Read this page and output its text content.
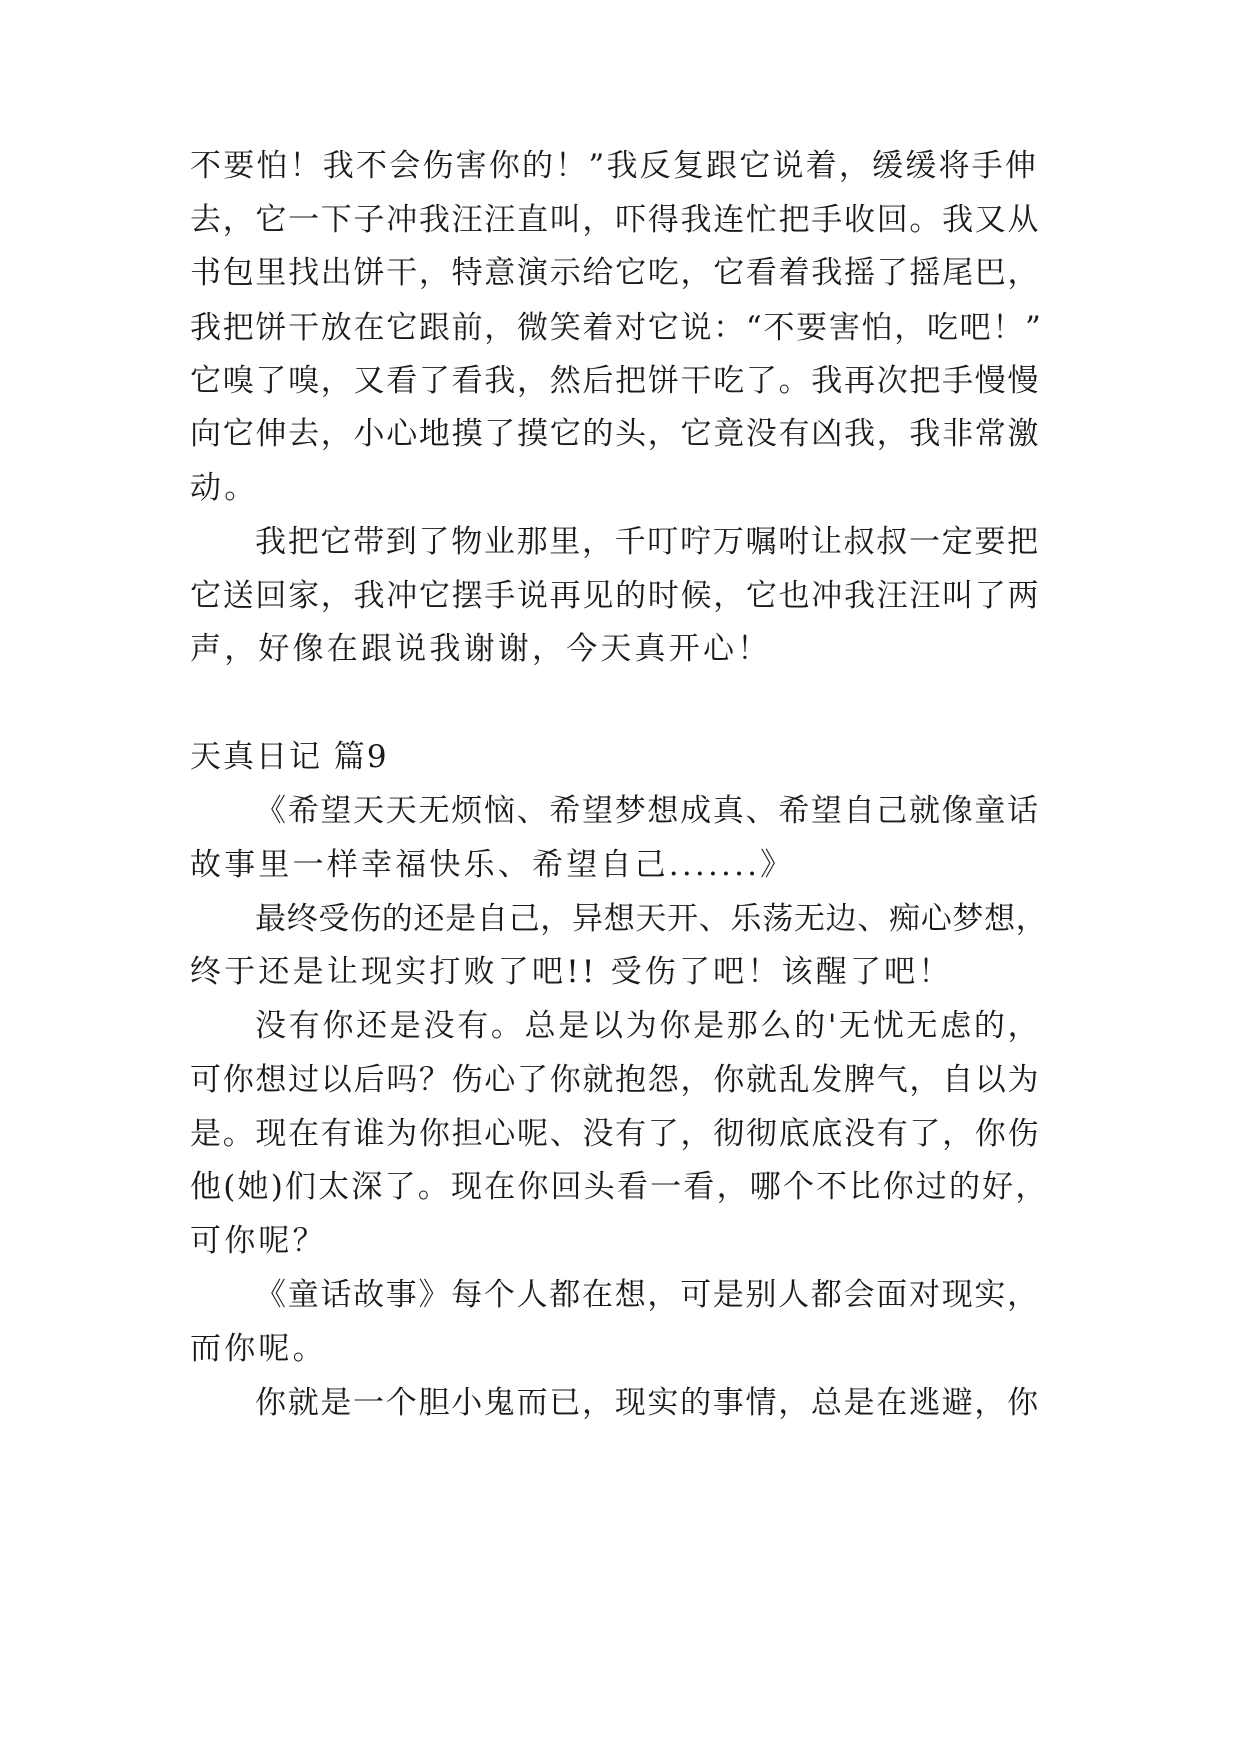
不要怕！我不会伤害你的！”我反复跟它说着，缓缓将手伸
去，它一下子冲我汪汪直叫，吓得我连忙把手收回。我又从
书包里找出饼干，特意演示给它吃，它看着我摇了摇尾巴，
我把饼干放在它跟前，微笑着对它说：“不要害怕，吃吧！”
它嗅了嗅，又看了看我，然后把饼干吃了。我再次把手慢慢
向它伸去，小心地摸了摸它的头，它竟没有凶我，我非常激
动。
我把它带到了物业那里，千叮咛万嘱咐让叔叔一定要把
它送回家，我冲它摆手说再见的时候，它也冲我汪汪叫了两
声，好像在跟说我谢谢，今天真开心！
天真日记 篇9
《希望天天无烦恼、希望梦想成真、希望自己就像童话
故事里一样幸福快乐、希望自己.......》
最终受伤的还是自己，异想天开、乐荡无边、痴心梦想，
终于还是让现实打败了吧!! 受伤了吧！该醒了吧！
没有你还是没有。总是以为你是那么的'无忧无虑的，
可你想过以后吗？伤心了你就抱怨，你就乱发脾气，自以为
是。现在有谁为你担心呢、没有了，彻彻底底没有了，你伤
他(她)们太深了。现在你回头看一看，哪个不比你过的好，
可你呢？
《童话故事》每个人都在想，可是别人都会面对现实，
而你呢。
你就是一个胆小鬼而已，现实的事情，总是在逃避，你
